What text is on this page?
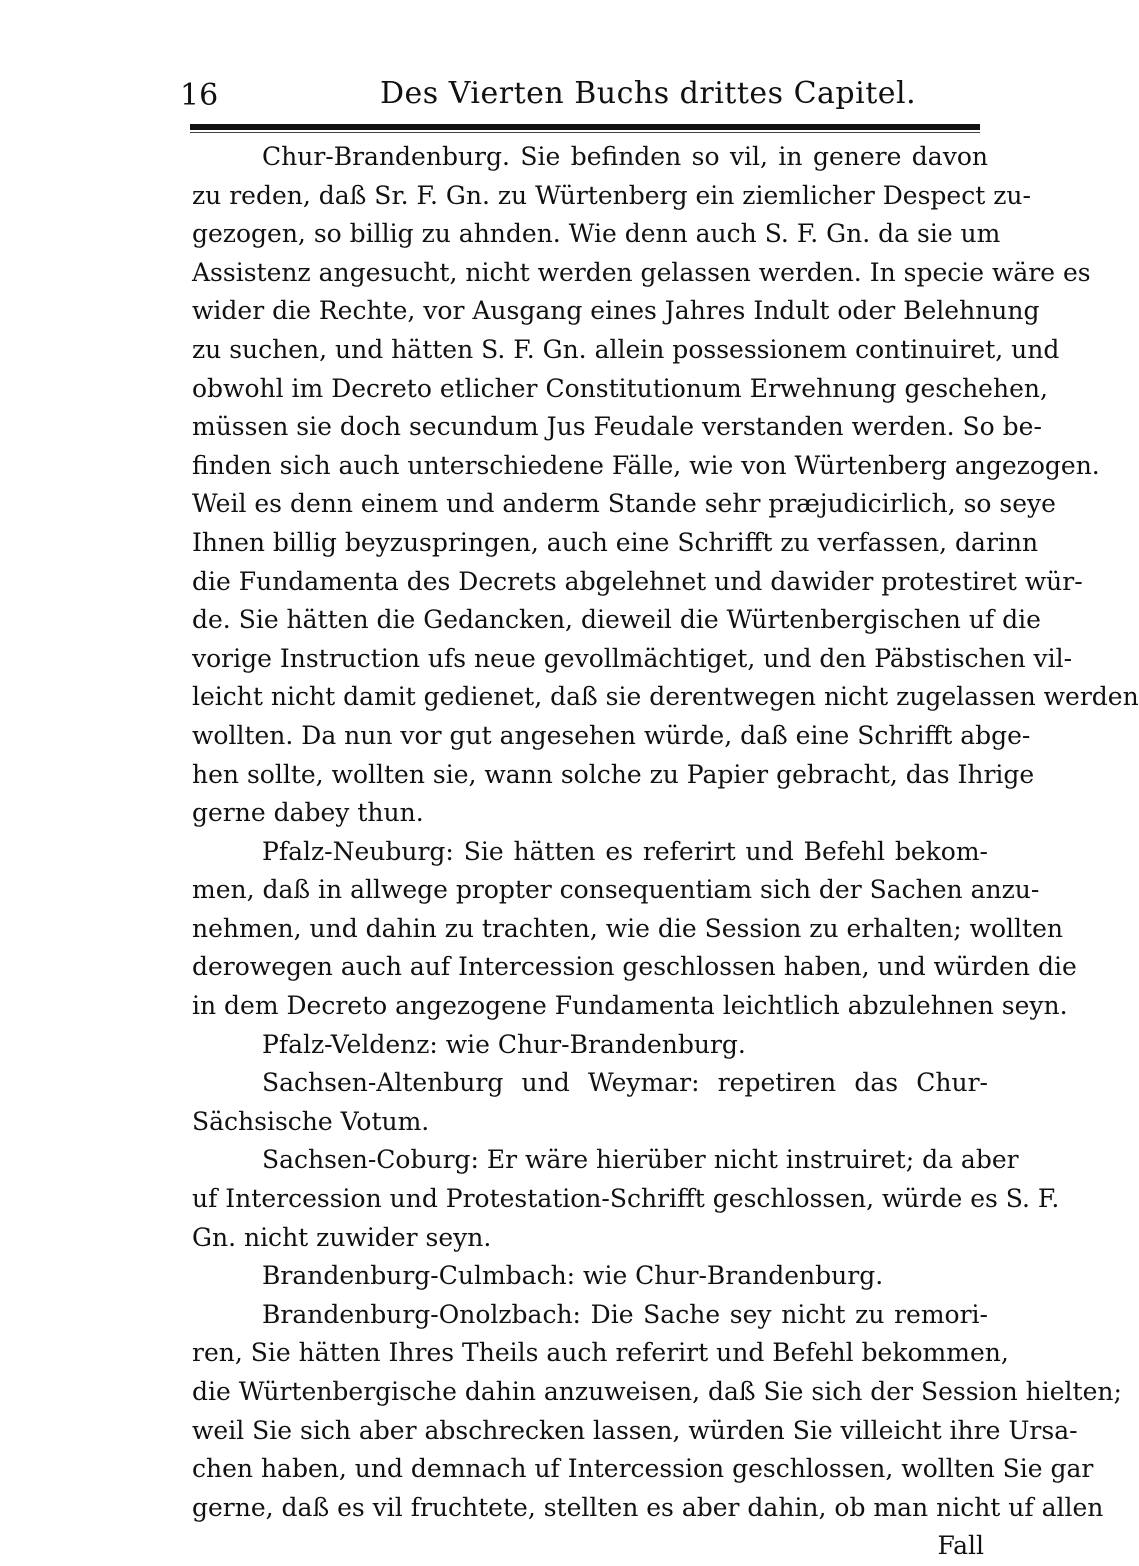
16	Des Vierten Buchs drittes Capitel.
Chur-Brandenburg. Sie befinden so vil, in genere davon
zu reden, daß Sr. F. Gn. zu Würtenberg ein ziemlicher Despect zu-
gezogen, so billig zu ahnden. Wie denn auch S. F. Gn. da sie um
Assistenz angesucht, nicht werden gelassen werden. In specie wäre es
wider die Rechte, vor Ausgang eines Jahres Indult oder Belehnung
zu suchen, und hätten S. F. Gn. allein possessionem continuiret, und
obwohl im Decreto etlicher Constitutionum Erwehnung geschehen,
müssen sie doch secundum Jus Feudale verstanden werden. So be-
finden sich auch unterschiedene Fälle, wie von Würtenberg angezogen.
Weil es denn einem und anderm Stande sehr præjudicirlich, so seye
Ihnen billig beyzuspringen, auch eine Schrifft zu verfassen, darinn
die Fundamenta des Decrets abgelehnet und dawider protestiret wür-
de. Sie hätten die Gedancken, dieweil die Würtenbergischen uf die
vorige Instruction ufs neue gevollmächtiget, und den Päbstischen vil-
leicht nicht damit gedienet, daß sie derentwegen nicht zugelassen werden
wollten. Da nun vor gut angesehen würde, daß eine Schrifft abge-
hen sollte, wollten sie, wann solche zu Papier gebracht, das Ihrige
gerne dabey thun.
Pfalz-Neuburg: Sie hätten es referirt und Befehl bekom-
men, daß in allwege propter consequentiam sich der Sachen anzu-
nehmen, und dahin zu trachten, wie die Session zu erhalten; wollten
derowegen auch auf Intercession geschlossen haben, und würden die
in dem Decreto angezogene Fundamenta leichtlich abzulehnen seyn.
Pfalz-Veldenz: wie Chur-Brandenburg.
Sachsen-Altenburg und Weymar: repetiren das Chur-
Sächsische Votum.
Sachsen-Coburg: Er wäre hierüber nicht instruiret; da aber
uf Intercession und Protestation-Schrifft geschlossen, würde es S. F.
Gn. nicht zuwider seyn.
Brandenburg-Culmbach: wie Chur-Brandenburg.
Brandenburg-Onolzbach: Die Sache sey nicht zu remori-
ren, Sie hätten Ihres Theils auch referirt und Befehl bekommen,
die Würtenbergische dahin anzuweisen, daß Sie sich der Session hielten;
weil Sie sich aber abschrecken lassen, würden Sie villeicht ihre Ursa-
chen haben, und demnach uf Intercession geschlossen, wollten Sie gar
gerne, daß es vil fruchtete, stellten es aber dahin, ob man nicht uf allen
Fall
